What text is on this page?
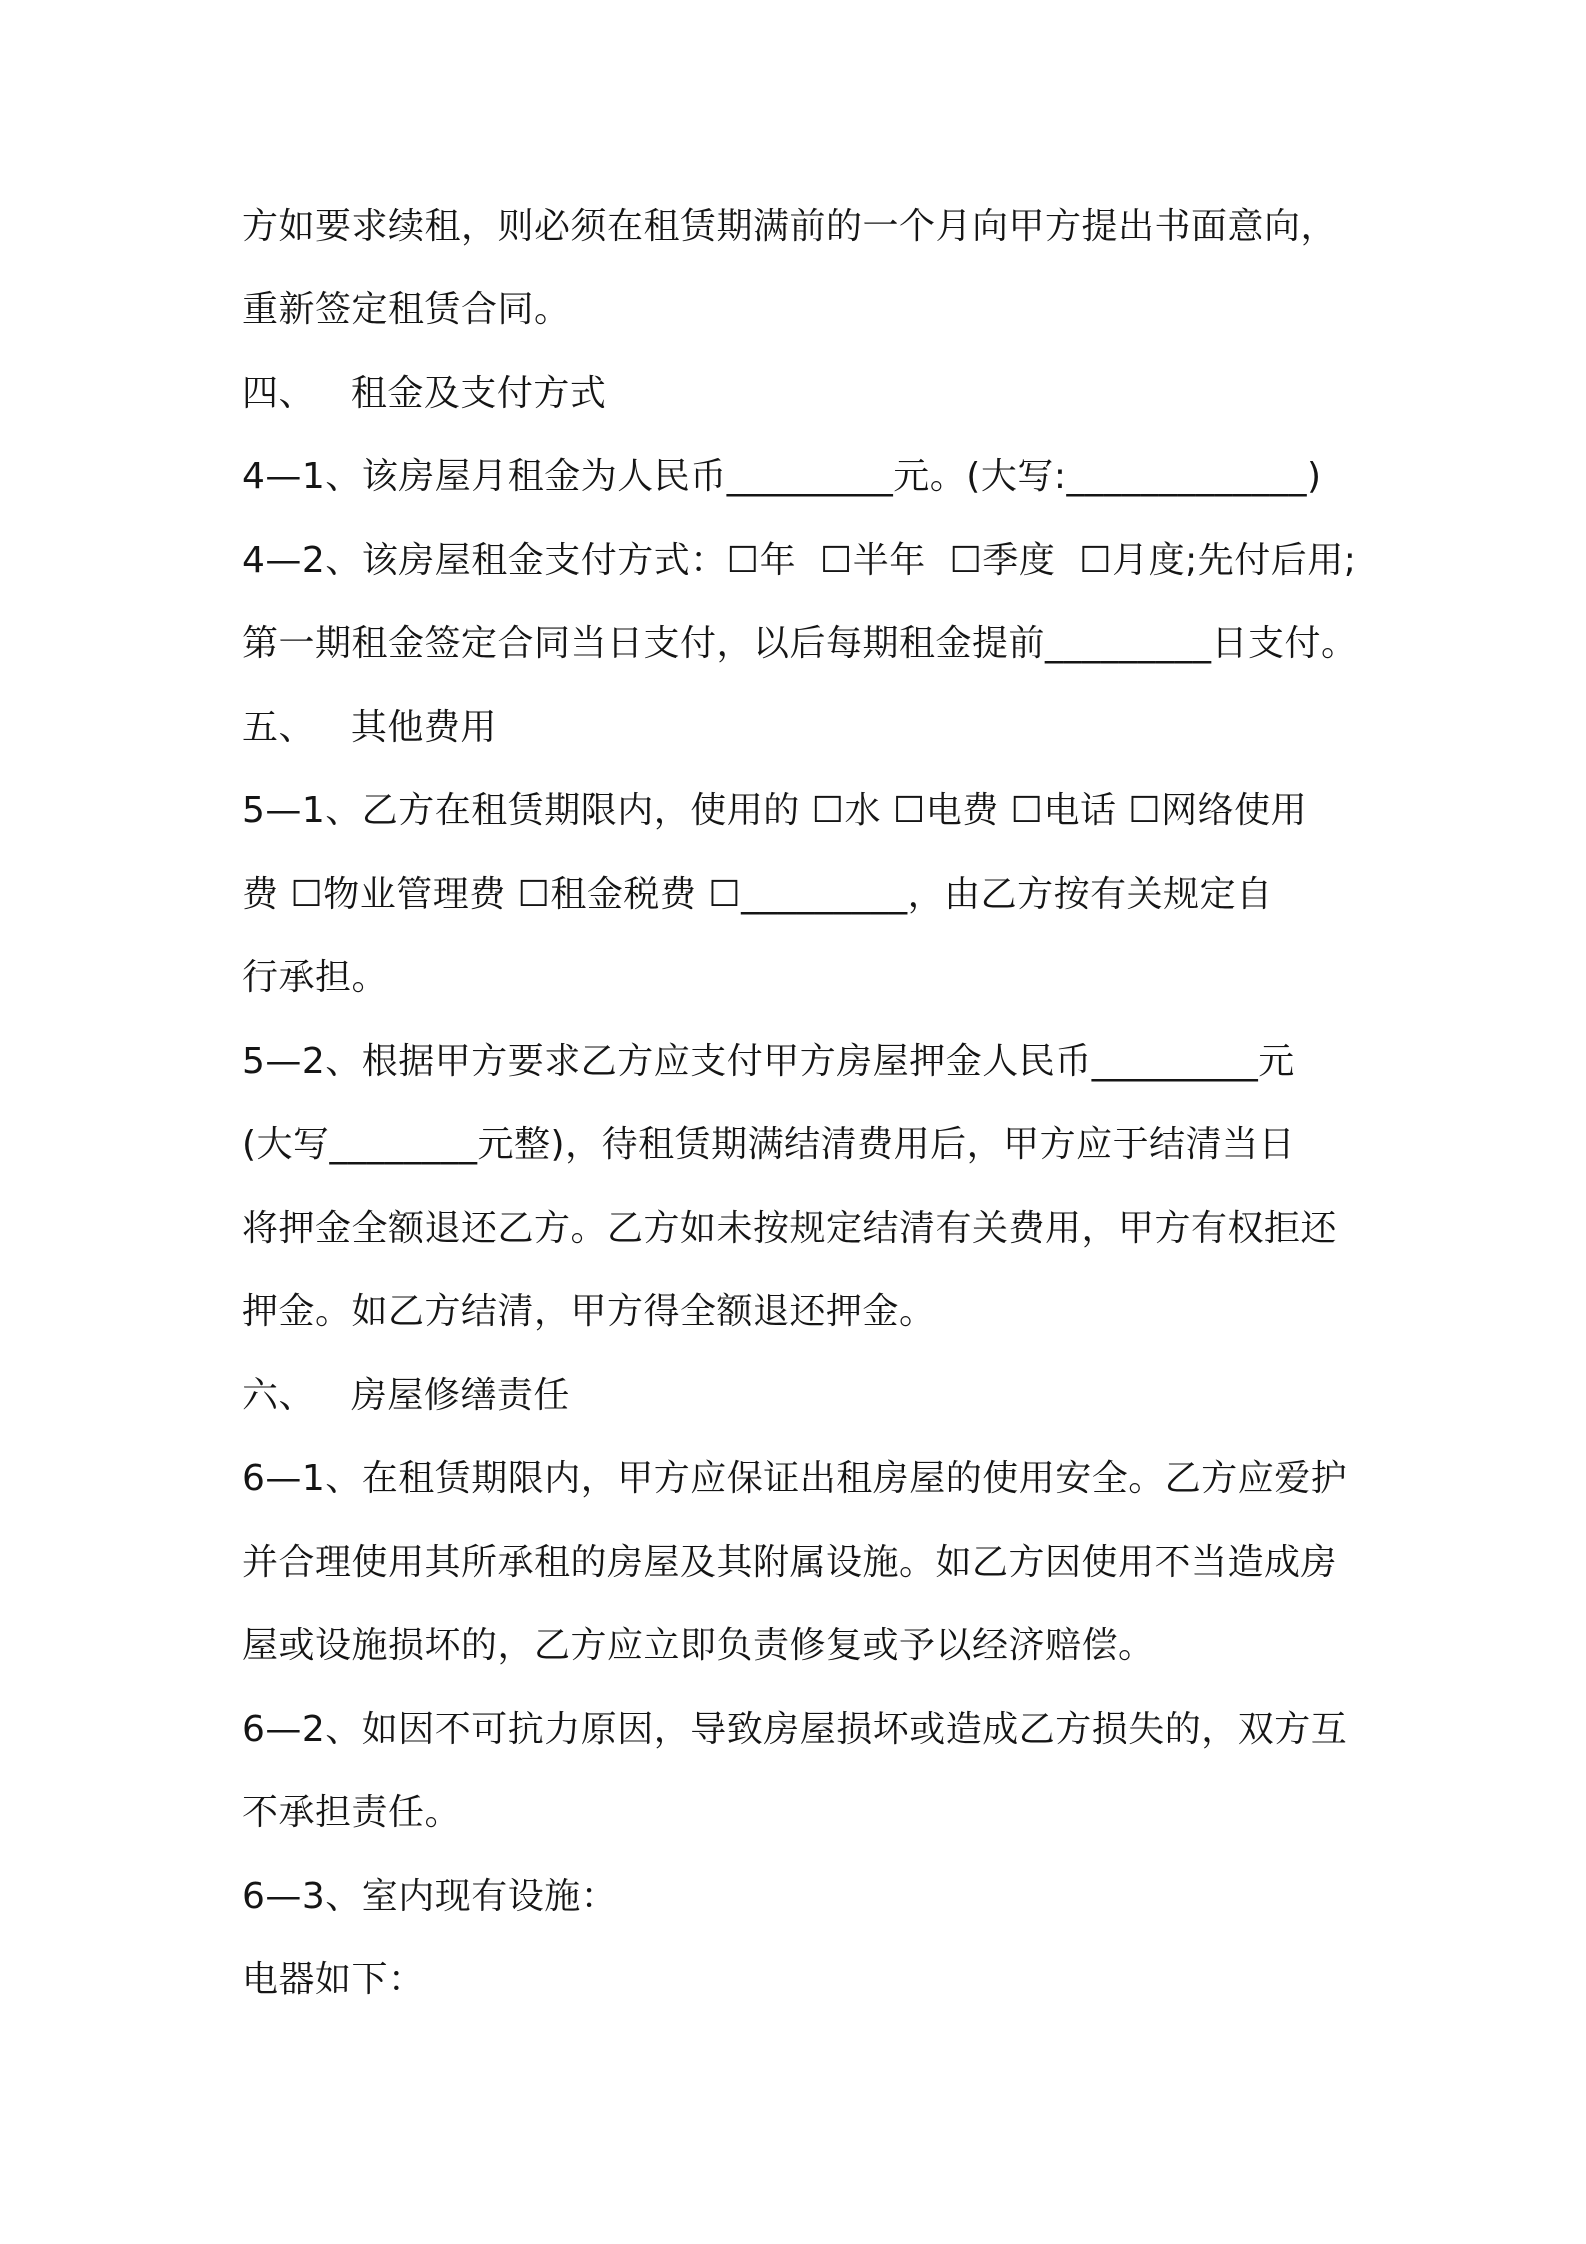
方如要求续租，则必须在租赁期满前的一个月向甲方提出书面意向，
重新签定租赁合同。
四、   租金及支付方式
4—1、该房屋月租金为人民币_________元。(大写:_____________)
4—2、该房屋租金支付方式：☐年  ☐半年  ☐季度  ☐月度;先付后用;
第一期租金签定合同当日支付，以后每期租金提前_________日支付。
五、   其他费用
5—1、乙方在租赁期限内，使用的 ☐水 ☐电费 ☐电话 ☐网络使用
费 ☐物业管理费 ☐租金税费 ☐_________，由乙方按有关规定自
行承担。
5—2、根据甲方要求乙方应支付甲方房屋押金人民币_________元
(大写________元整)，待租赁期满结清费用后，甲方应于结清当日
将押金全额退还乙方。乙方如未按规定结清有关费用，甲方有权拒还
押金。如乙方结清，甲方得全额退还押金。
六、   房屋修缮责任
6—1、在租赁期限内，甲方应保证出租房屋的使用安全。乙方应爱护
并合理使用其所承租的房屋及其附属设施。如乙方因使用不当造成房
屋或设施损坏的，乙方应立即负责修复或予以经济赔偿。
6—2、如因不可抗力原因，导致房屋损坏或造成乙方损失的，双方互
不承担责任。
6—3、室内现有设施：
电器如下：
